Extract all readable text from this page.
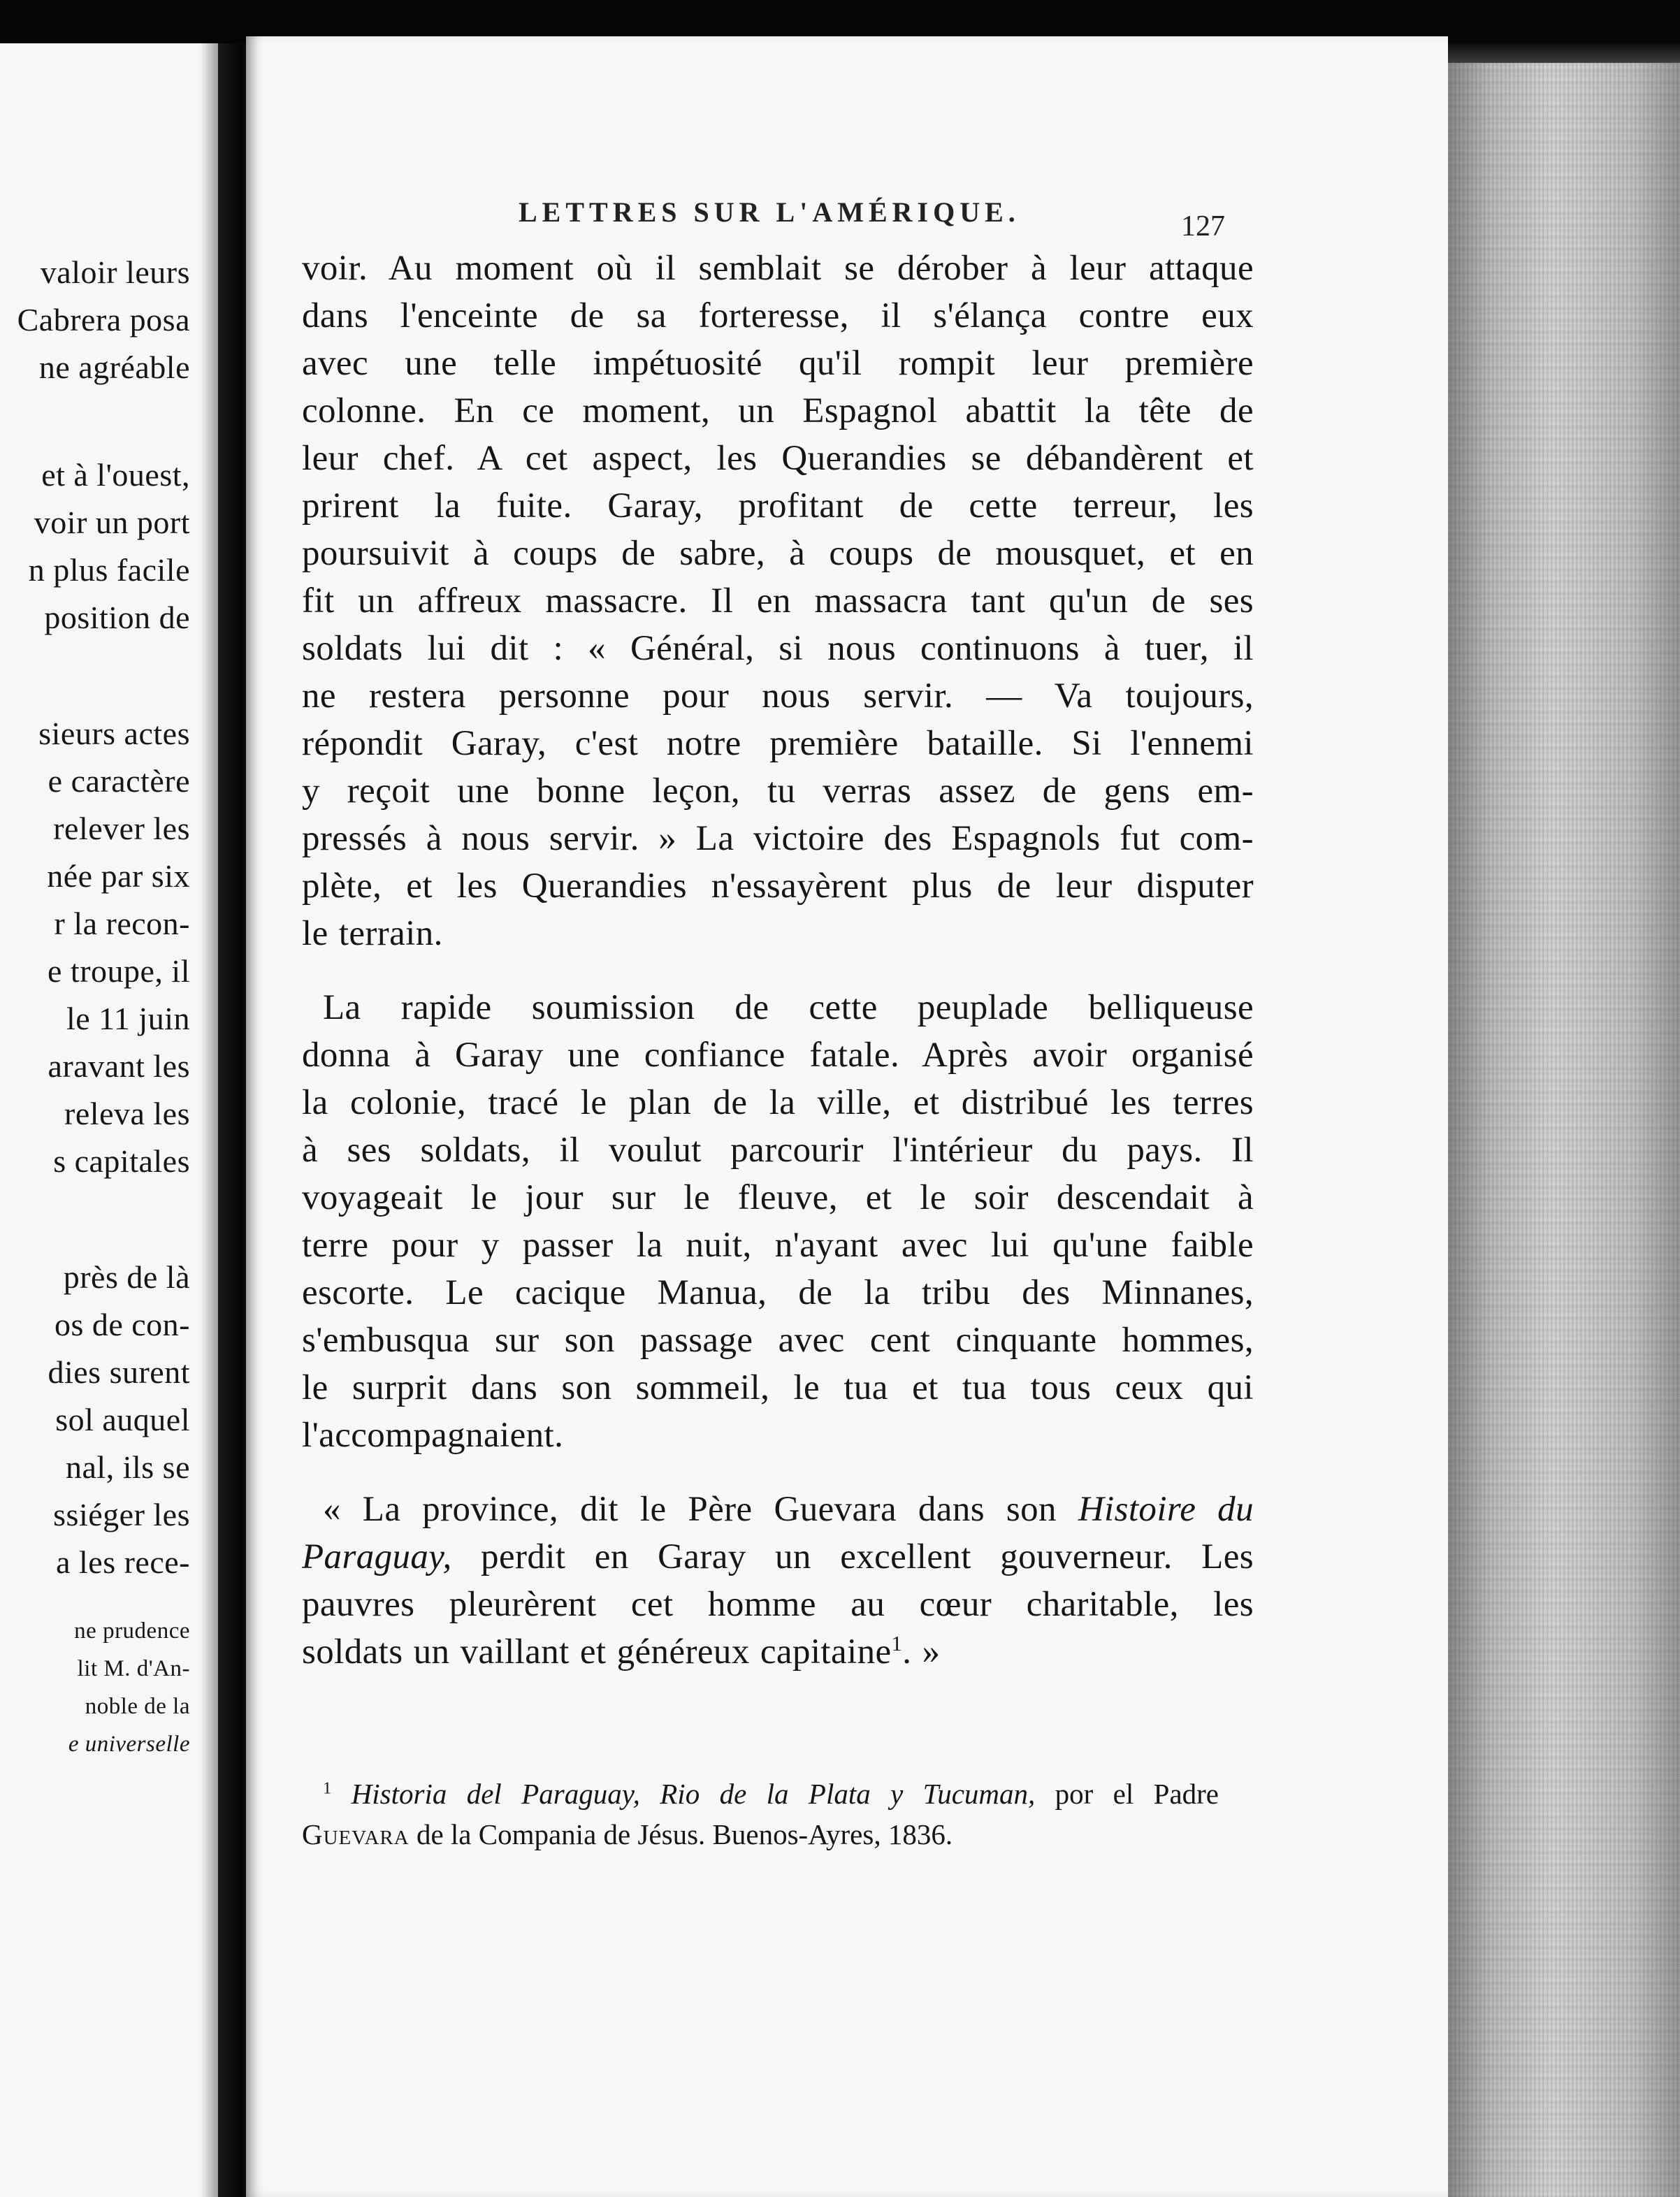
valoir leurs
Cabrera posa
ne agréable
et à l'ouest,
voir un port
n plus facile
position de
sieurs actes
e caractère
relever les
née par six
r la recon-
e troupe, il
le 11 juin
aravant les
releva les
s capitales
près de là
os de con-
dies surent
sol auquel
nal, ils se
ssiéger les
a les rece-
ne prudence
lit M. d'An-
noble de la
e universelle
LETTRES SUR L'AMÉRIQUE.	127
voir. Au moment où il semblait se dérober à leur attaque
dans l'enceinte de sa forteresse, il s'élança contre eux
avec une telle impétuosité qu'il rompit leur première
colonne. En ce moment, un Espagnol abattit la tête de
leur chef. A cet aspect, les Querandies se débandèrent et
prirent la fuite. Garay, profitant de cette terreur, les
poursuivit à coups de sabre, à coups de mousquet, et en
fit un affreux massacre. Il en massacra tant qu'un de ses
soldats lui dit : « Général, si nous continuons à tuer, il
ne restera personne pour nous servir. — Va toujours,
répondit Garay, c'est notre première bataille. Si l'ennemi
y reçoit une bonne leçon, tu verras assez de gens em-
pressés à nous servir. » La victoire des Espagnols fut com-
plète, et les Querandies n'essayèrent plus de leur disputer
le terrain.
La rapide soumission de cette peuplade belliqueuse
donna à Garay une confiance fatale. Après avoir organisé
la colonie, tracé le plan de la ville, et distribué les terres
à ses soldats, il voulut parcourir l'intérieur du pays. Il
voyageait le jour sur le fleuve, et le soir descendait à
terre pour y passer la nuit, n'ayant avec lui qu'une faible
escorte. Le cacique Manua, de la tribu des Minnanes,
s'embusqua sur son passage avec cent cinquante hommes,
le surprit dans son sommeil, le tua et tua tous ceux qui
l'accompagnaient.
« La province, dit le Père Guevara dans son Histoire du
Paraguay, perdit en Garay un excellent gouverneur. Les
pauvres pleurèrent cet homme au cœur charitable, les
soldats un vaillant et généreux capitaine$^1$. »
$^1$ Historia del Paraguay, Rio de la Plata y Tucuman, por el Padre
Guevara de la Compania de Jésus. Buenos-Ayres, 1836.
